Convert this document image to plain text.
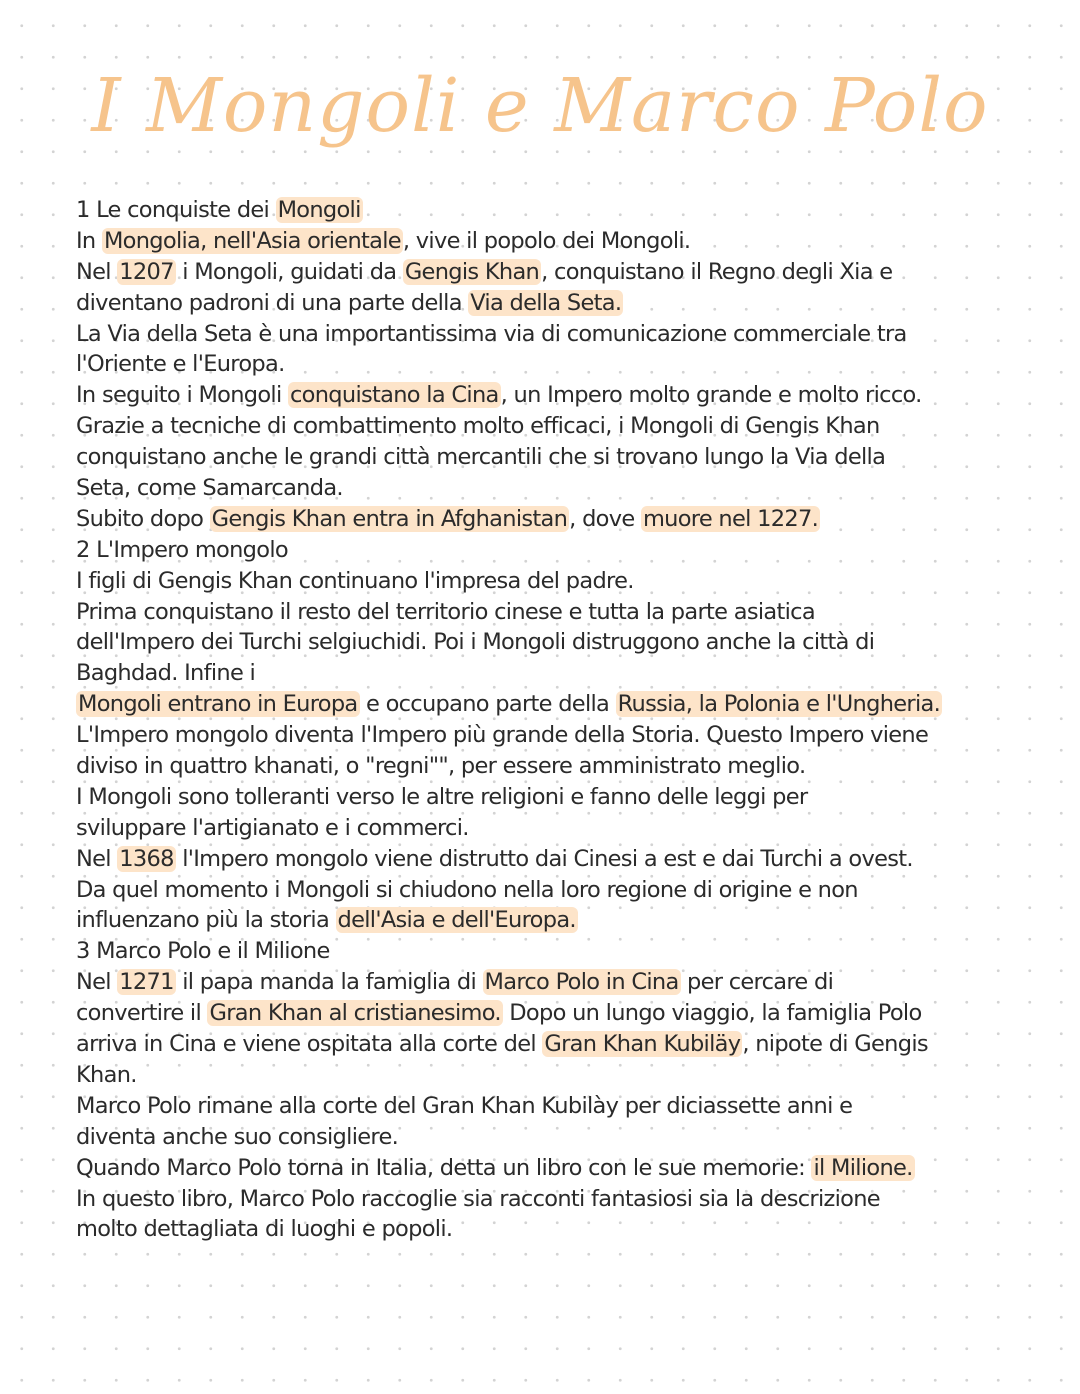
I Mongoli e Marco Polo
1 Le conquiste dei Mongoli
In Mongolia, nell'Asia orientale, vive il popolo dei Mongoli.
Nel 1207 i Mongoli, guidati da Gengis Khan, conquistano il Regno degli Xia e
diventano padroni di una parte della Via della Seta.
La Via della Seta è una importantissima via di comunicazione commerciale tra
l'Oriente e l'Europa.
In seguito i Mongoli conquistano la Cina, un Impero molto grande e molto ricco.
Grazie a tecniche di combattimento molto efficaci, i Mongoli di Gengis Khan
conquistano anche le grandi città mercantili che si trovano lungo la Via della
Seta, come Samarcanda.
Subito dopo Gengis Khan entra in Afghanistan, dove muore nel 1227.
2 L'Impero mongolo
I figli di Gengis Khan continuano l'impresa del padre.
Prima conquistano il resto del territorio cinese e tutta la parte asiatica
dell'Impero dei Turchi selgiuchidi. Poi i Mongoli distruggono anche la città di
Baghdad. Infine i
Mongoli entrano in Europa e occupano parte della Russia, la Polonia e l'Ungheria.
L'Impero mongolo diventa l'Impero più grande della Storia. Questo Impero viene
diviso in quattro khanati, o "regni"", per essere amministrato meglio.
I Mongoli sono tolleranti verso le altre religioni e fanno delle leggi per
sviluppare l'artigianato e i commerci.
Nel 1368 l'Impero mongolo viene distrutto dai Cinesi a est e dai Turchi a ovest.
Da quel momento i Mongoli si chiudono nella loro regione di origine e non
influenzano più la storia dell'Asia e dell'Europa.
3 Marco Polo e il Milione
Nel 1271 il papa manda la famiglia di Marco Polo in Cina per cercare di
convertire il Gran Khan al cristianesimo. Dopo un lungo viaggio, la famiglia Polo
arriva in Cina e viene ospitata alla corte del Gran Khan Kubiläy, nipote di Gengis
Khan.
Marco Polo rimane alla corte del Gran Khan Kubilày per diciassette anni e
diventa anche suo consigliere.
Quando Marco Polo torna in Italia, detta un libro con le sue memorie: il Milione.
In questo libro, Marco Polo raccoglie sia racconti fantasiosi sia la descrizione
molto dettagliata di luoghi e popoli.
